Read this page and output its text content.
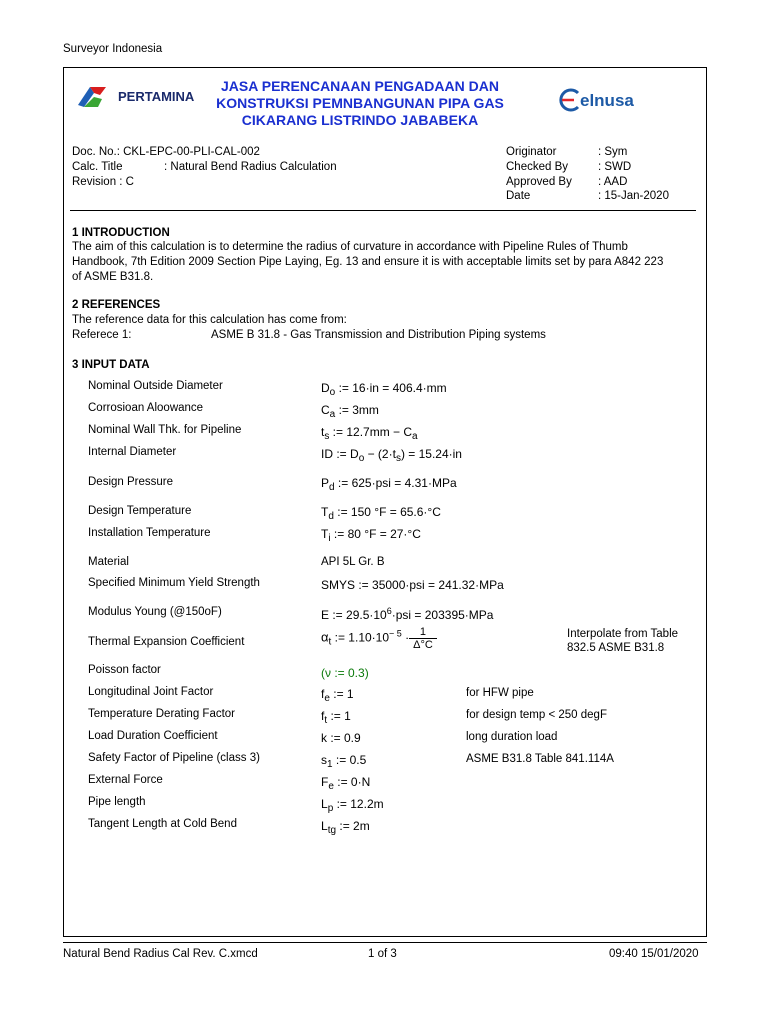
Surveyor Indonesia
PERTAMINA
JASA PERENCANAAN PENGADAAN DAN KONSTRUKSI PEMNBANGUNAN PIPA GAS CIKARANG LISTRINDO JABABEKA
elnusa
Doc. No.: CKL-EPC-00-PLI-CAL-002
Calc. Title	: Natural Bend Radius Calculation
Revision : C
Originator	: Sym
Checked By	: SWD
Approved By : AAD
Date	: 15-Jan-2020
1 INTRODUCTION
The aim of this calculation is to determine the radius of curvature in accordance with Pipeline Rules of Thumb Handbook, 7th Edition 2009 Section Pipe Laying, Eg. 13 and ensure it is with acceptable limits set by para A842 223 of ASME B31.8.
2 REFERENCES
The reference data for this calculation has come from:
Referece 1:	ASME B 31.8 - Gas Transmission and Distribution Piping systems
3 INPUT DATA
Nominal Outside Diameter	$D_o$ := 16·in = 406.4·mm
Corrosioan Aloowance	$C_a$ := 3mm
Nominal Wall Thk. for Pipeline	$t_s$ := $12.7mm - C_a$
Internal Diameter	ID := $D_o - (2\cdot t_s) = 15.24\cdot in$
Design Pressure	$P_d$ := 625·psi = 4.31·MPa
Design Temperature	$T_d$ := 150 °F = 65.6·°C
Installation Temperature	$T_i$ := 80 °F = 27·°C
Material	API 5L Gr. B
Specified Minimum Yield Strength	SMYS := 35000·psi = 241.32·MPa
Modulus Young (@150oF)	E := $29.5\cdot 10^6\cdot psi = 203395\cdot MPa$
Thermal Expansion Coefficient	$\alpha_t$ := $1.10\cdot 10^{- 5} \cdot \frac{1}{\Delta^\circ C}$	Interpolate from Table
832.5 ASME B31.8
Poisson factor	(ν := 0.3)
Longitudinal Joint Factor	$f_e$ := 1	for HFW pipe
Temperature Derating Factor	$f_t$ := 1	for design temp < 250 degF
Load Duration Coefficient	k := 0.9	long duration load
Safety Factor of Pipeline (class 3)	$s_1$ := 0.5	ASME B31.8 Table 841.114A
External Force	$F_e$ := 0·N
Pipe length	$L_p$ := 12.2m
Tangent Length at Cold Bend	$L_{tg}$ := 2m
Natural Bend Radius Cal Rev. C.xmcd	1 of 3	09:40 15/01/2020
